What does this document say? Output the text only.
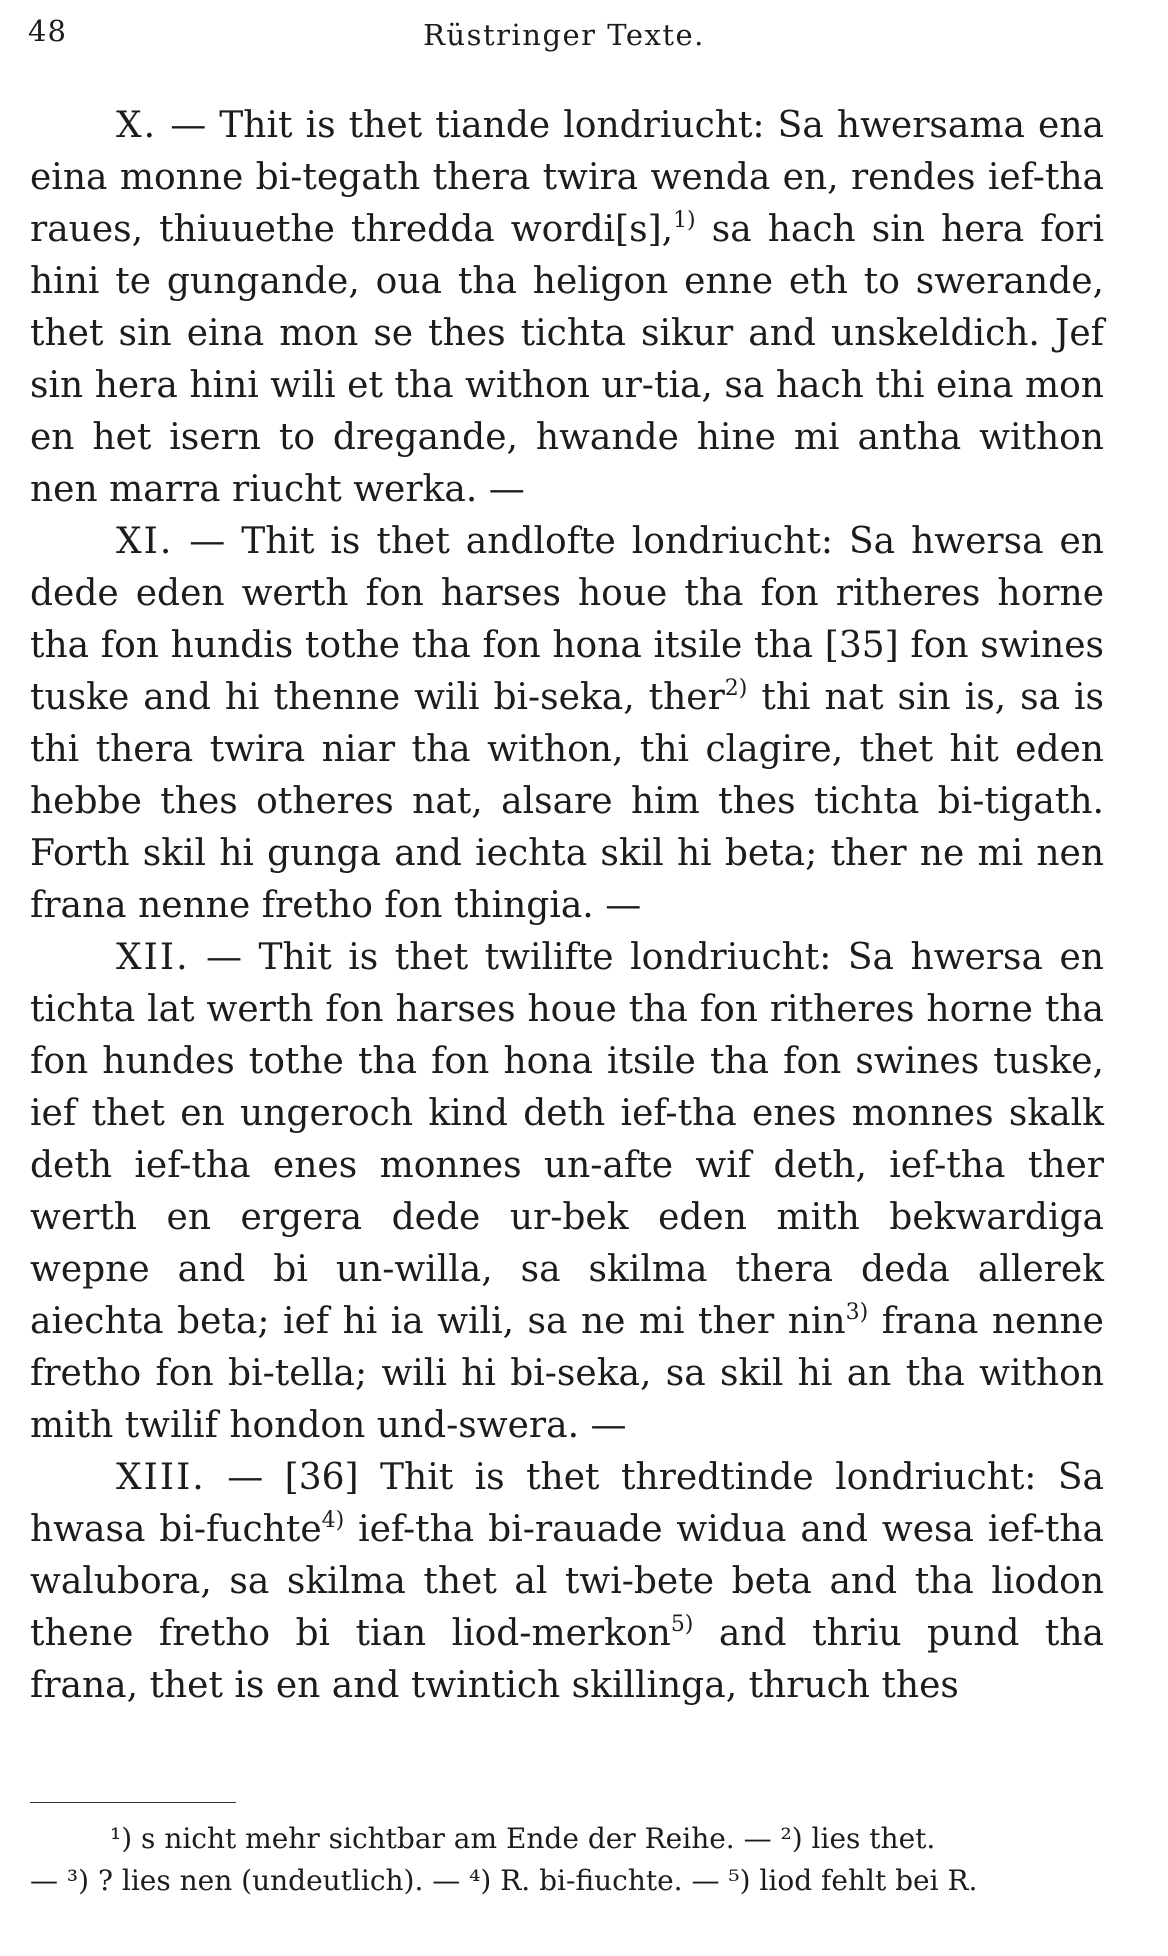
48	Rüstringer Texte.

X. — Thit is thet tiande londriucht: Sa hwersama ena eina monne bi-tegath thera twira wenda en, rendes ief-tha raues, thiuuethe thredda wordi[s],$^{1)}$ sa hach sin hera fori hini te gungande, oua tha heligon enne eth to swerande, thet sin eina mon se thes tichta sikur and unskeldich. Jef sin hera hini wili et tha withon ur-tia, sa hach thi eina mon en het isern to dregande, hwande hine mi antha withon nen marra riucht werka. —

XI. — Thit is thet andlofte londriucht: Sa hwersa en dede eden werth fon harses houe tha fon ritheres horne tha fon hundis tothe tha fon hona itsile tha [35] fon swines tuske and hi thenne wili bi-seka, ther$^{2)}$ thi nat sin is, sa is thi thera twira niar tha withon, thi clagire, thet hit eden hebbe thes otheres nat, alsare him thes tichta bi-tigath. Forth skil hi gunga and iechta skil hi beta; ther ne mi nen frana nenne fretho fon thingia. —

XII. — Thit is thet twilifte londriucht: Sa hwersa en tichta lat werth fon harses houe tha fon ritheres horne tha fon hundes tothe tha fon hona itsile tha fon swines tuske, ief thet en ungeroch kind deth ief-tha enes monnes skalk deth ief-tha enes monnes un-afte wif deth, ief-tha ther werth en ergera dede ur-bek eden mith bekwardiga wepne and bi un-willa, sa skilma thera deda allerek aiechta beta; ief hi ia wili, sa ne mi ther nin$^{3)}$ frana nenne fretho fon bi-tella; wili hi bi-seka, sa skil hi an tha withon mith twilif hondon und-swera. —

XIII. — [36] Thit is thet thredtinde londriucht: Sa hwasa bi-fuchte$^{4)}$ ief-tha bi-rauade widua and wesa ief-tha walubora, sa skilma thet al twi-bete beta and tha liodon thene fretho bi tian liod-merkon$^{5)}$ and thriu pund tha frana, thet is en and twintich skillinga, thruch thes

¹) s nicht mehr sichtbar am Ende der Reihe. — ²) lies thet.
— ³) ? lies nen (undeutlich). — ⁴) R. bi-fiuchte. — ⁵) liod fehlt bei R.
